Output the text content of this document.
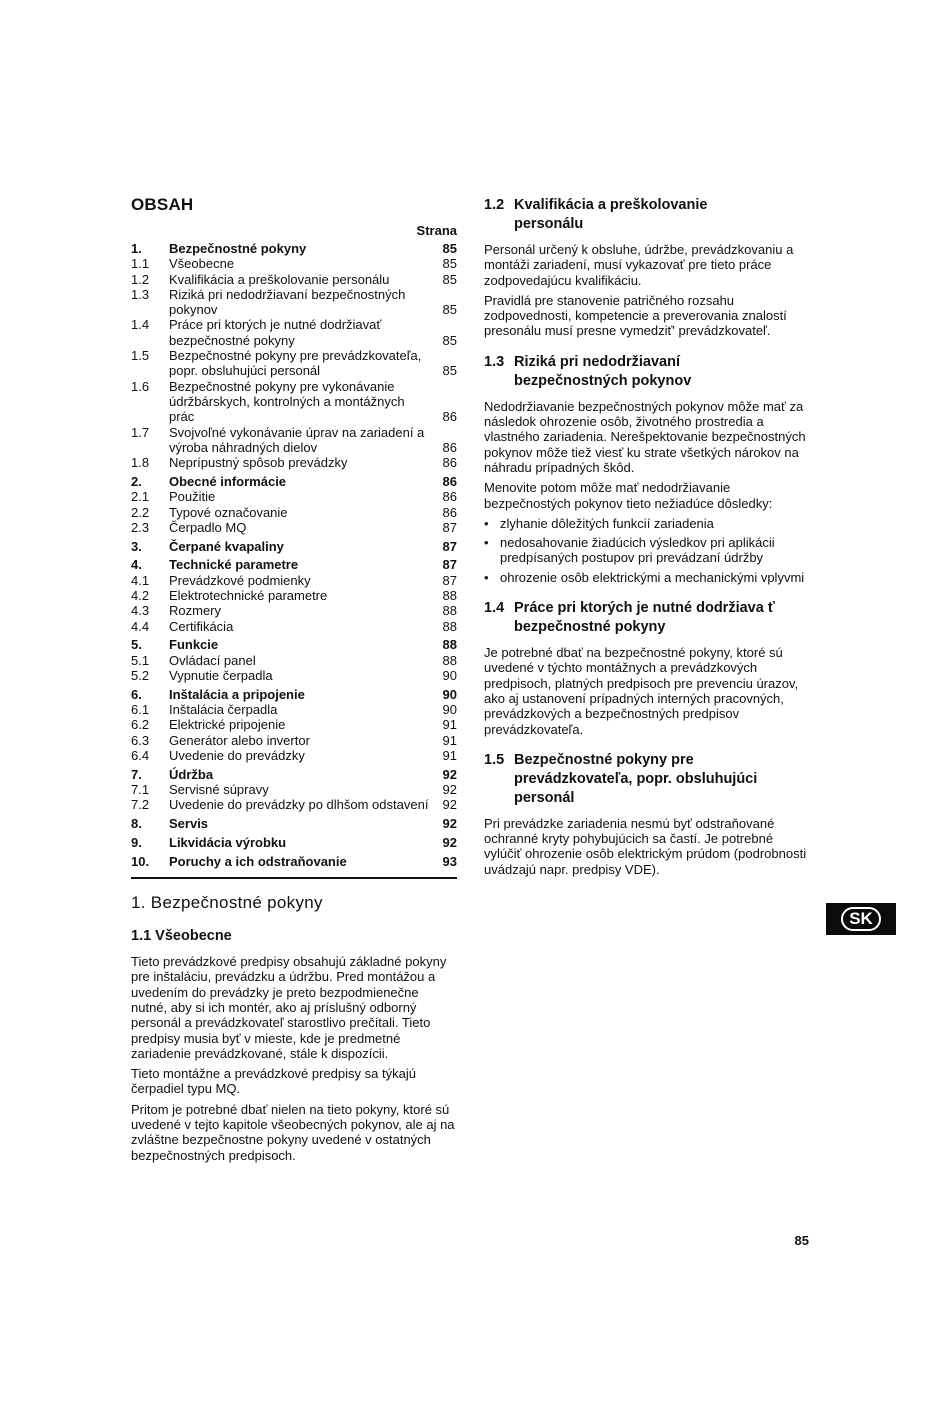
OBSAH
Strana
1.	Bezpečnostné pokyny	85
1.1	Všeobecne	85
1.2	Kvalifikácia a preškolovanie personálu	85
1.3	Riziká pri nedodržiavaní bezpečnostných pokynov	85
1.4	Práce pri ktorých je nutné dodržiavať bezpečnostné pokyny	85
1.5	Bezpečnostné pokyny pre prevádzkovateľa, popr. obsluhujúci personál	85
1.6	Bezpečnostné pokyny pre vykonávanie údržbárskych, kontrolných a montážnych prác	86
1.7	Svojvoľné vykonávanie úprav na zariadení a výroba náhradných dielov	86
1.8	Neprípustný spôsob prevádzky	86
2.	Obecné informácie	86
2.1	Použitie	86
2.2	Typové označovanie	86
2.3	Čerpadlo MQ	87
3.	Čerpané kvapaliny	87
4.	Technické parametre	87
4.1	Prevádzkové podmienky	87
4.2	Elektrotechnické parametre	88
4.3	Rozmery	88
4.4	Certifikácia	88
5.	Funkcie	88
5.1	Ovládací panel	88
5.2	Vypnutie čerpadla	90
6.	Inštalácia a pripojenie	90
6.1	Inštalácia čerpadla	90
6.2	Elektrické pripojenie	91
6.3	Generátor alebo invertor	91
6.4	Uvedenie do prevádzky	91
7.	Údržba	92
7.1	Servisné súpravy	92
7.2	Uvedenie do prevádzky po dlhšom odstavení	92
8.	Servis	92
9.	Likvidácia výrobku	92
10.	Poruchy a ich odstraňovanie	93
1. Bezpečnostné pokyny
1.1 Všeobecne

Tieto prevádzkové predpisy obsahujú základné pokyny pre inštaláciu, prevádzku a údržbu. Pred montážou a uvedením do prevádzky je preto bezpodmienečne nutné, aby si ich montér, ako aj príslušný odborný personál a prevádzkovateľ starostlivo prečítali. Tieto predpisy musia byť v mieste, kde je predmetné zariadenie prevádzkované, stále k dispozícii.

Tieto montážne a prevádzkové predpisy sa týkajú čerpadiel typu MQ.

Pritom je potrebné dbať nielen na tieto pokyny, ktoré sú uvedené v tejto kapitole všeobecných pokynov, ale aj na zvláštne bezpečnostne pokyny uvedené v ostatných bezpečnostných predpisoch.

1.2 Kvalifikácia a preškolovanie
personálu

Personál určený k obsluhe, údržbe, prevádzkovaniu a montáži zariadení, musí vykazovať pre tieto práce zodpovedajúcu kvalifikáciu.

Pravidlá pre stanovenie patričného rozsahu zodpovednosti, kompetencie a preverovania znalostí presonálu musí presne vymedziť' prevádzkovateľ.

1.3 Riziká pri nedodržiavaní
bezpečnostných pokynov

Nedodržiavanie bezpečnostných pokynov môže mať za následok ohrozenie osôb, životného prostredia a vlastného zariadenia. Nerešpektovanie bezpečnostných pokynov môže tiež viesť ku strate všetkých nárokov na náhradu prípadných škôd.

Menovite potom môže mať nedodržiavanie bezpečnostých pokynov tieto nežiadúce dôsledky:

• zlyhanie dôležitých funkcií zariadenia
• nedosahovanie žiadúcich výsledkov pri aplikácii predpísaných postupov pri prevádzaní údržby
• ohrozenie osôb elektrickými a mechanickými vplyvmi
1.4 Práce pri ktorých je nutné dodržiava ť
bezpečnostné pokyny

Je potrebné dbať na bezpečnostné pokyny, ktoré sú uvedené v týchto montážnych a prevádzkových predpisoch, platných predpisoch pre prevenciu úrazov, ako aj ustanovení prípadných interných pracovných, prevádzkových a bezpečnostných predpisov prevádzkovateľa.

1.5 Bezpečnostné pokyny pre
prevádzkovateľa, popr. obsluhujúci
personál

Pri prevádzke zariadenia nesmú byť odstraňované ochranné kryty pohybujúcich sa častí. Je potrebné vylúčiť ohrozenie osôb elektrickým prúdom (podrobnosti uvádzajú napr. predpisy VDE).

SK
85
